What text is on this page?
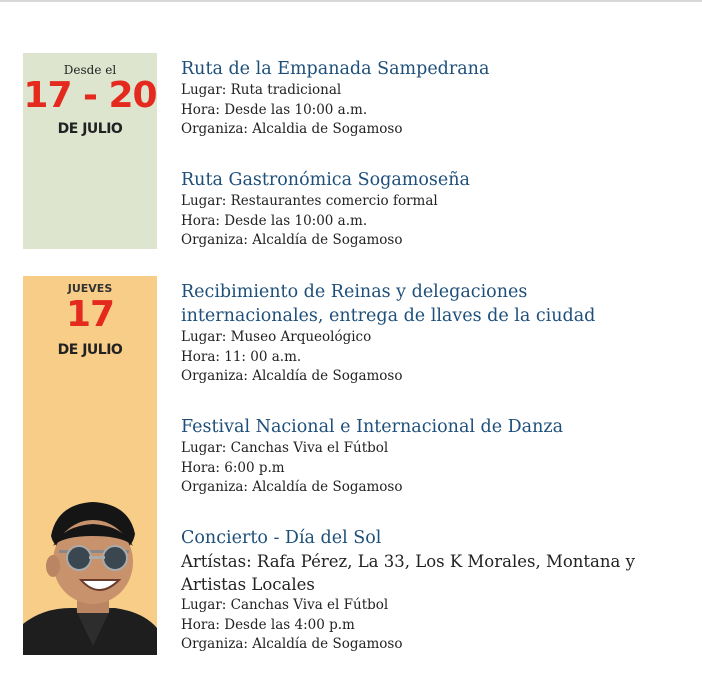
Desde el
17 - 20
DE JULIO
Ruta de la Empanada Sampedrana
Lugar: Ruta tradicional
Hora: Desde las 10:00 a.m.
Organiza: Alcaldia de Sogamoso
Ruta Gastronómica Sogamoseña
Lugar: Restaurantes comercio formal
Hora: Desde las 10:00 a.m.
Organiza: Alcaldía de Sogamoso
JUEVES
17
DE JULIO
Recibimiento de Reinas y delegaciones
internacionales, entrega de llaves de la ciudad
Lugar: Museo Arqueológico
Hora: 11: 00 a.m.
Organiza: Alcaldía de Sogamoso
Festival Nacional e Internacional de Danza
Lugar: Canchas Viva el Fútbol
Hora: 6:00 p.m
Organiza: Alcaldía de Sogamoso
Concierto - Día del Sol
Artístas: Rafa Pérez, La 33, Los K Morales, Montana y
Artistas Locales
Lugar: Canchas Viva el Fútbol
Hora: Desde las 4:00 p.m
Organiza: Alcaldía de Sogamoso
